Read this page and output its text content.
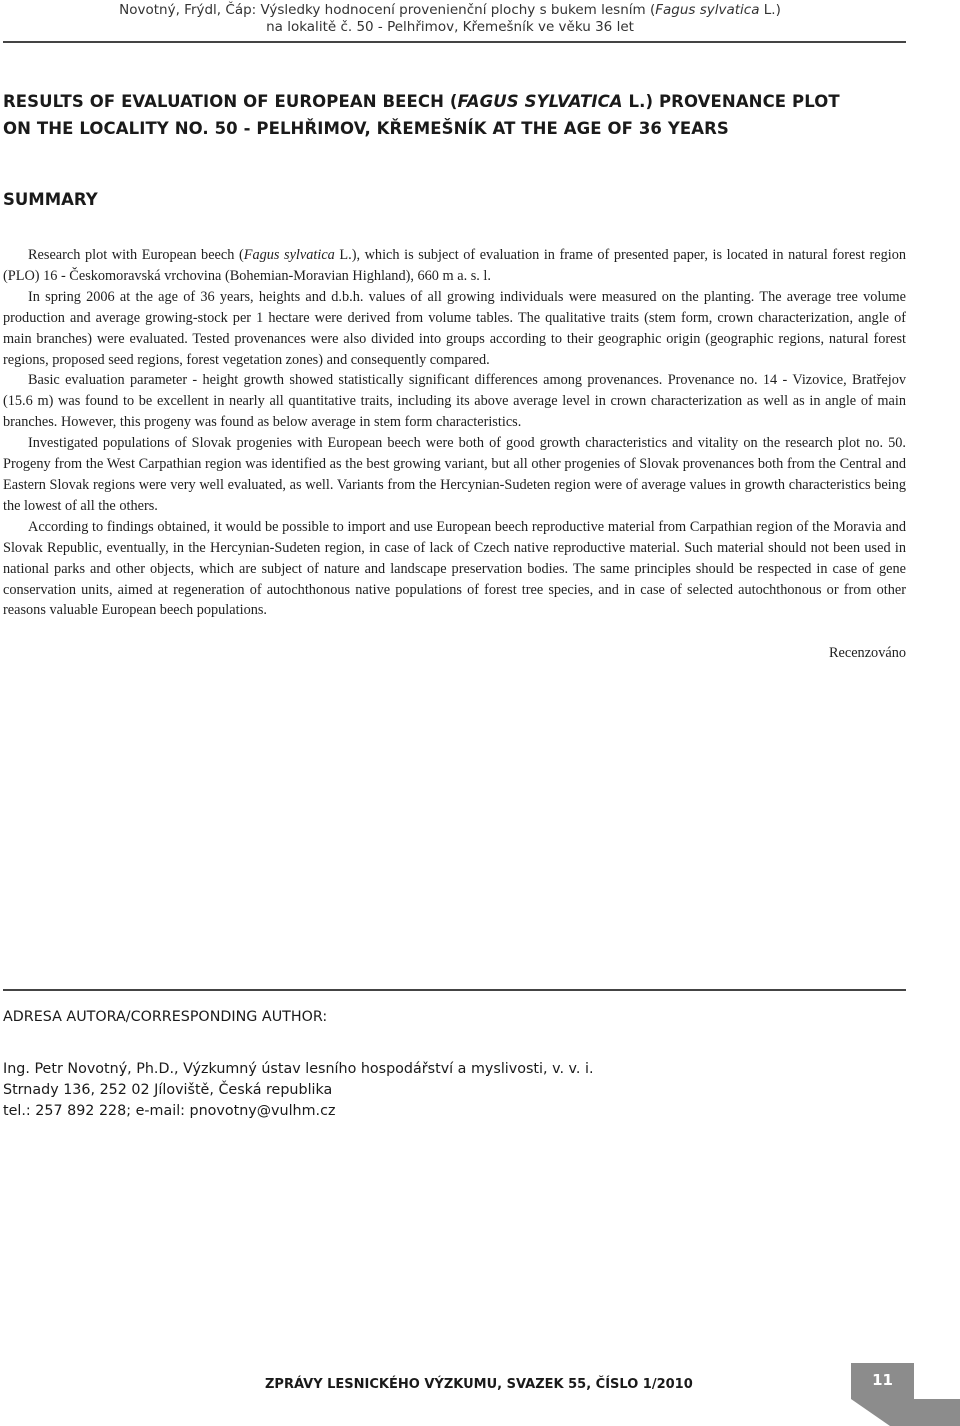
Novotný, Frýdl, Čáp: Výsledky hodnocení provenienční plochy s bukem lesním (Fagus sylvatica L.)
na lokalitě č. 50 - Pelhřimov, Křemešník ve věku 36 let
RESULTS OF EVALUATION OF EUROPEAN BEECH (FAGUS SYLVATICA L.) PROVENANCE PLOT
ON THE LOCALITY NO. 50 - PELHŘIMOV, KŘEMEŠNÍK AT THE AGE OF 36 YEARS
SUMMARY

Research plot with European beech (Fagus sylvatica L.), which is subject of evaluation in frame of presented paper, is located in natural forest region (PLO) 16 - Českomoravská vrchovina (Bohemian-Moravian Highland), 660 m a. s. l.

In spring 2006 at the age of 36 years, heights and d.b.h. values of all growing individuals were measured on the planting. The average tree volume production and average growing-stock per 1 hectare were derived from volume tables. The qualitative traits (stem form, crown characterization, angle of main branches) were evaluated. Tested provenances were also divided into groups according to their geographic origin (geographic regions, natural forest regions, proposed seed regions, forest vegetation zones) and consequently compared.

Basic evaluation parameter - height growth showed statistically significant differences among provenances. Provenance no. 14 - Vizovice, Bratřejov (15.6 m) was found to be excellent in nearly all quantitative traits, including its above average level in crown characterization as well as in angle of main branches. However, this progeny was found as below average in stem form characteristics.

Investigated populations of Slovak progenies with European beech were both of good growth characteristics and vitality on the research plot no. 50. Progeny from the West Carpathian region was identified as the best growing variant, but all other progenies of Slovak provenances both from the Central and Eastern Slovak regions were very well evaluated, as well. Variants from the Hercynian-Sudeten region were of average values in growth characteristics being the lowest of all the others.

According to findings obtained, it would be possible to import and use European beech reproductive material from Carpathian region of the Moravia and Slovak Republic, eventually, in the Hercynian-Sudeten region, in case of lack of Czech native reproductive material. Such material should not been used in national parks and other objects, which are subject of nature and landscape preservation bodies. The same principles should be respected in case of gene conservation units, aimed at regeneration of autochthonous native populations of forest tree species, and in case of selected autochthonous or from other reasons valuable European beech populations.

Recenzováno
ADRESA AUTORA/CORRESPONDING AUTHOR:
Ing. Petr Novotný, Ph.D., Výzkumný ústav lesního hospodářství a myslivosti, v. v. i.
Strnady 136, 252 02 Jíloviště, Česká republika
tel.: 257 892 228; e-mail: pnovotny@vulhm.cz
ZPRÁVY LESNICKÉHO VÝZKUMU, SVAZEK 55, ČÍSLO 1/2010	11
